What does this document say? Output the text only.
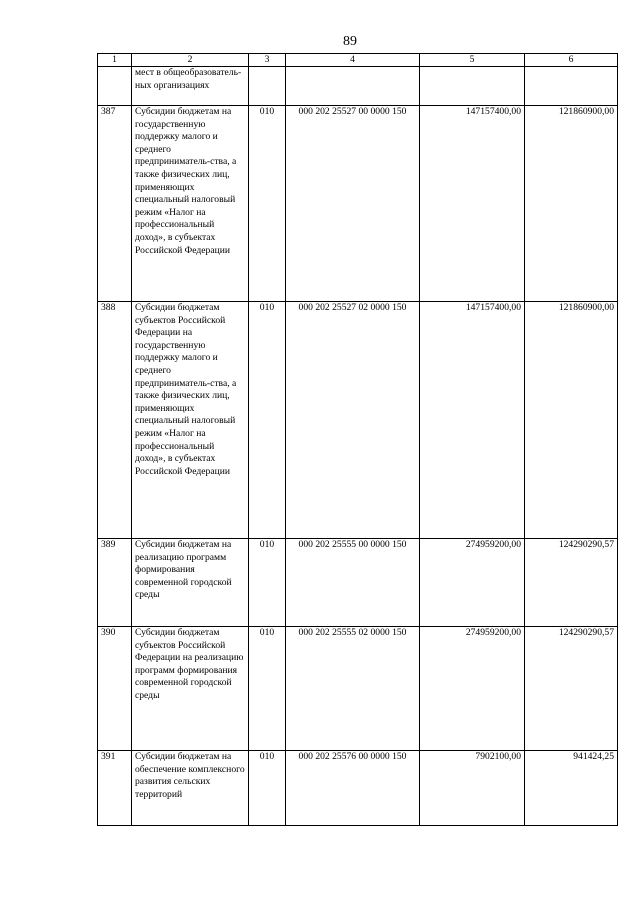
89
1	2	3	4	5	6
	мест в общеобразователь-ных организациях				
387	Субсидии бюджетам на государственную поддержку малого и среднего предприниматель-ства, а также физических лиц, применяющих специальный налоговый режим «Налог на профессиональный доход», в субъектах Российской Федерации	010	000 202 25527 00 0000 150	147157400,00	121860900,00
388	Субсидии бюджетам субъектов Российской Федерации на государственную поддержку малого и среднего предприниматель-ства, а также физических лиц, применяющих специальный налоговый режим «Налог на профессиональный доход», в субъектах Российской Федерации	010	000 202 25527 02 0000 150	147157400,00	121860900,00
389	Субсидии бюджетам на реализацию программ формирования современной городской среды	010	000 202 25555 00 0000 150	274959200,00	124290290,57
390	Субсидии бюджетам субъектов Российской Федерации на реализацию программ формирования современной городской среды	010	000 202 25555 02 0000 150	274959200,00	124290290,57
391	Субсидии бюджетам на обеспечение комплексного развития сельских территорий	010	000 202 25576 00 0000 150	7902100,00	941424,25
